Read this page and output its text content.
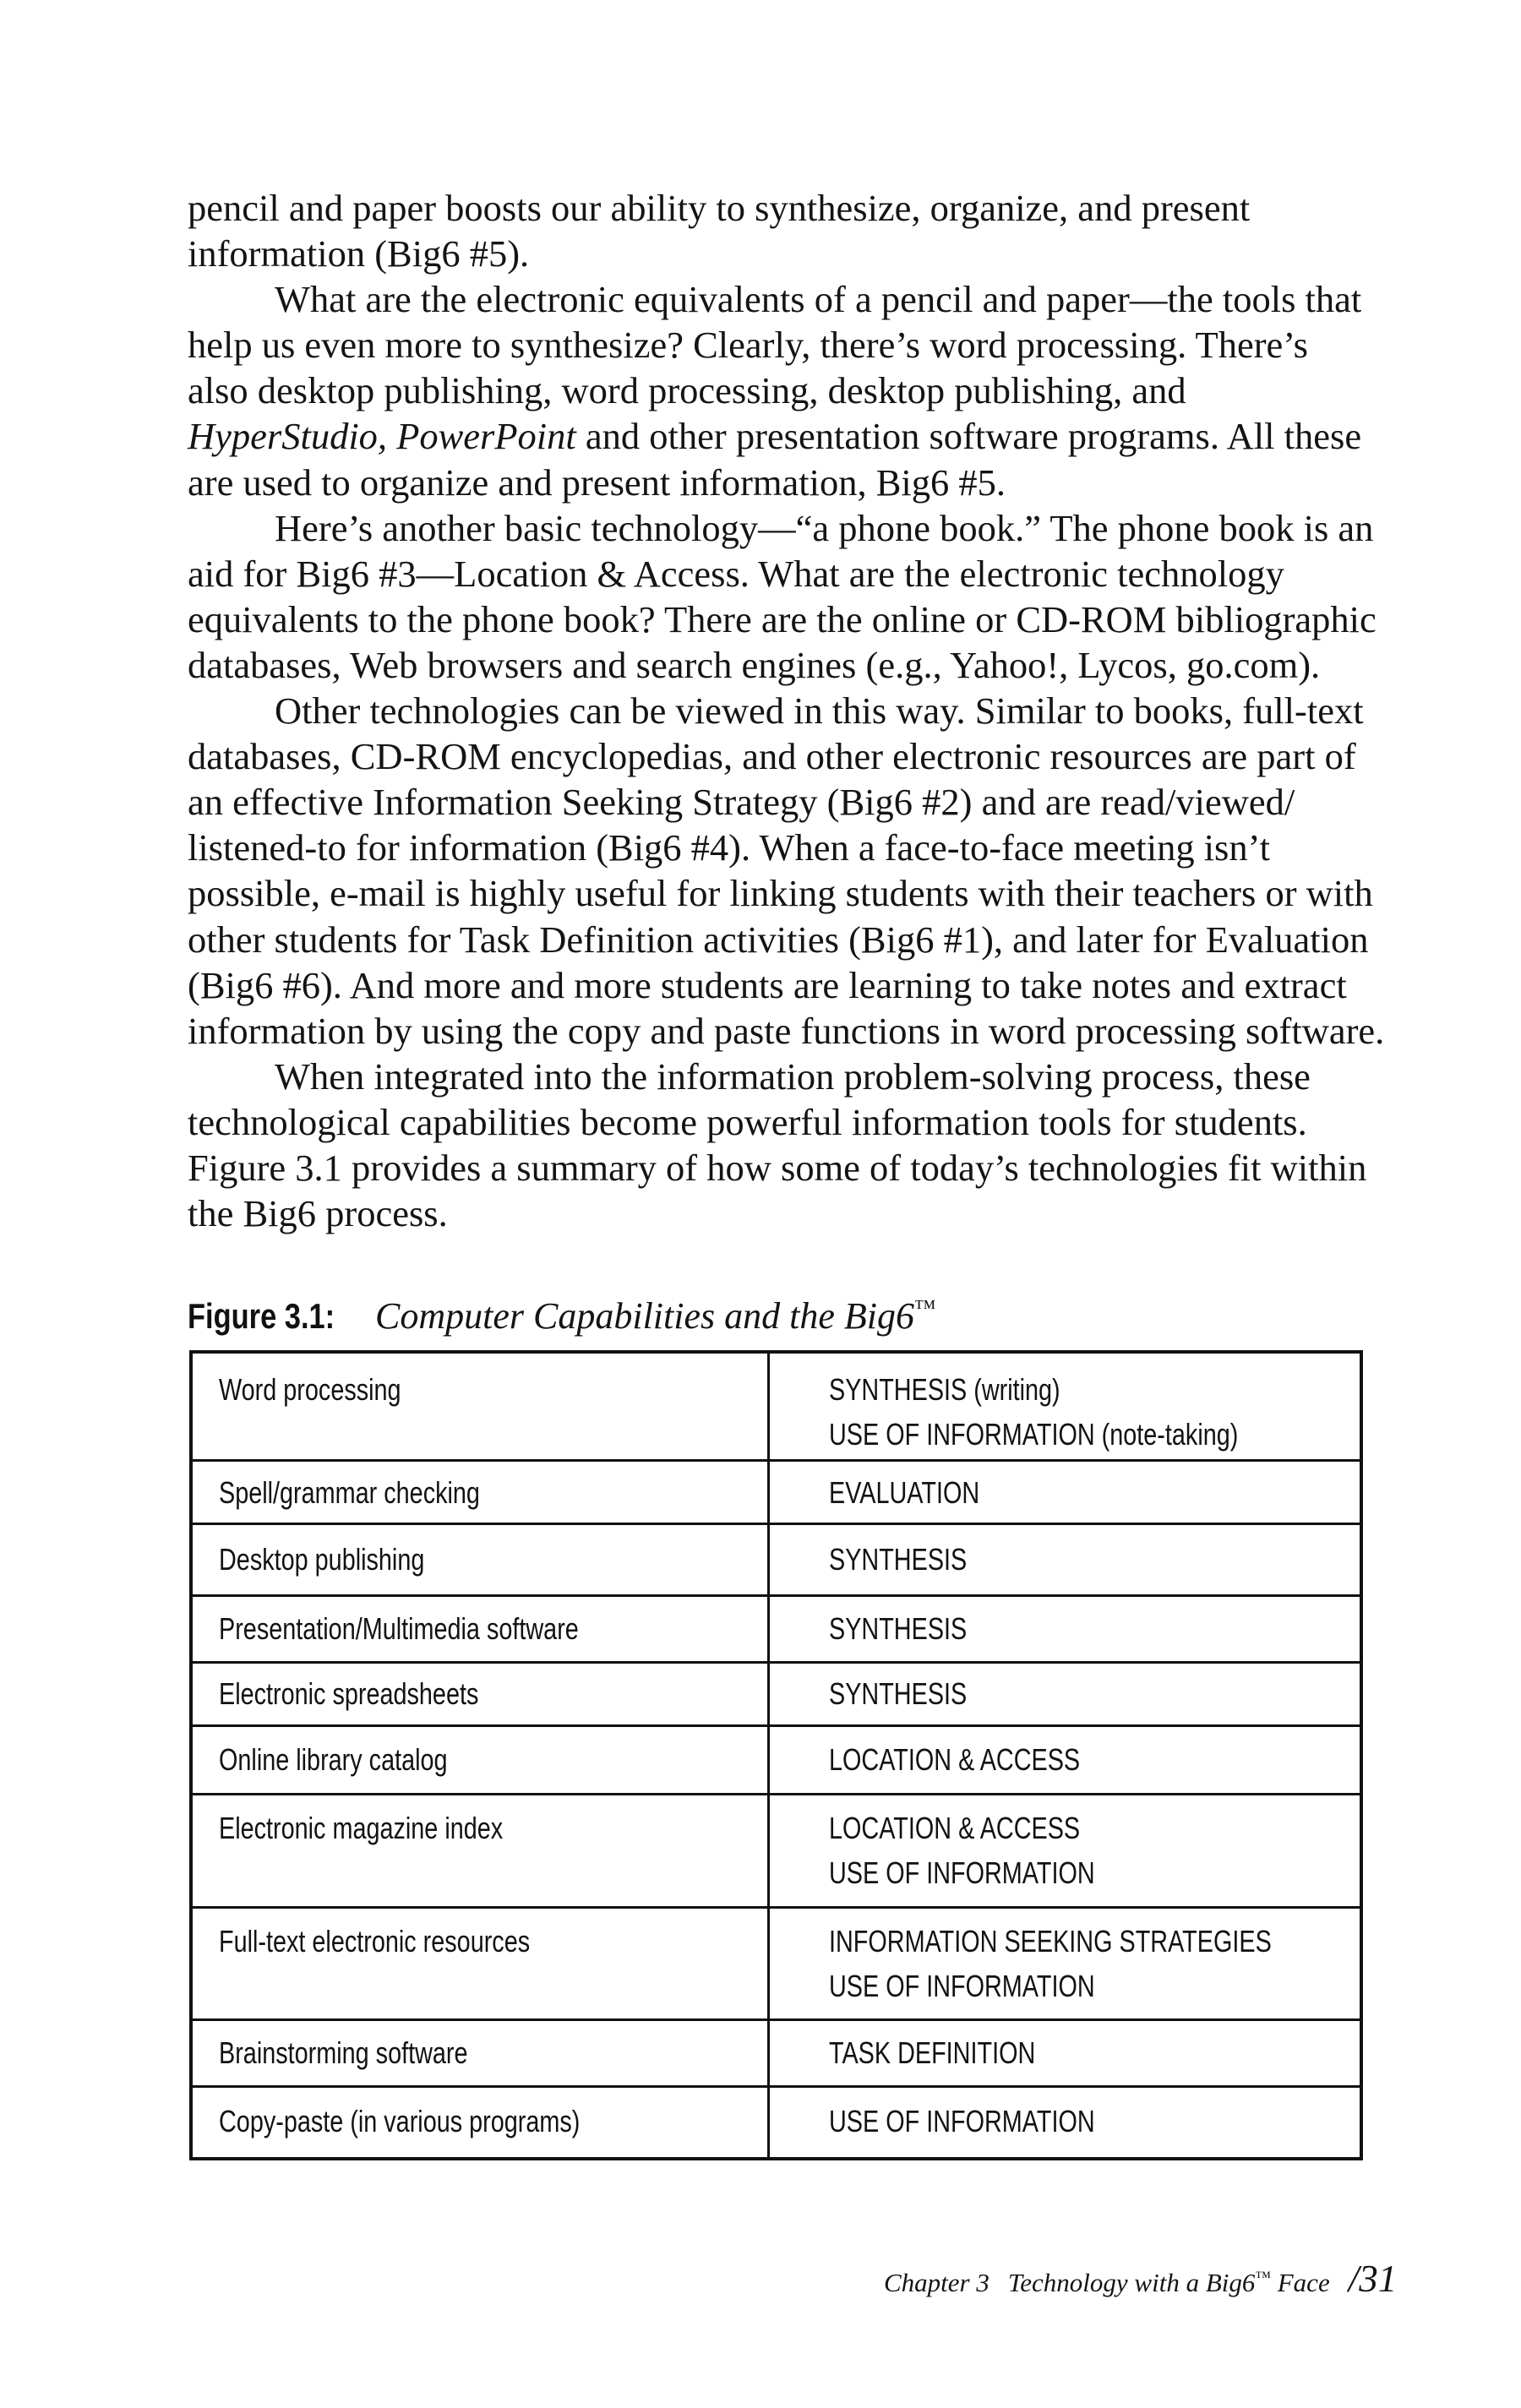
pencil and paper boosts our ability to synthesize, organize, and present
information (Big6 #5).
What are the electronic equivalents of a pencil and paper—the tools that
help us even more to synthesize? Clearly, there’s word processing. There’s
also desktop publishing, word processing, desktop publishing, and
HyperStudio, PowerPoint and other presentation software programs. All these
are used to organize and present information, Big6 #5.
Here’s another basic technology—“a phone book.” The phone book is an
aid for Big6 #3—Location & Access. What are the electronic technology
equivalents to the phone book? There are the online or CD-ROM bibliographic
databases, Web browsers and search engines (e.g., Yahoo!, Lycos, go.com).
Other technologies can be viewed in this way. Similar to books, full-text
databases, CD-ROM encyclopedias, and other electronic resources are part of
an effective Information Seeking Strategy (Big6 #2) and are read/viewed/
listened-to for information (Big6 #4). When a face-to-face meeting isn’t
possible, e-mail is highly useful for linking students with their teachers or with
other students for Task Definition activities (Big6 #1), and later for Evaluation
(Big6 #6). And more and more students are learning to take notes and extract
information by using the copy and paste functions in word processing software.
When integrated into the information problem-solving process, these
technological capabilities become powerful information tools for students.
Figure 3.1 provides a summary of how some of today’s technologies fit within
the Big6 process.
Figure 3.1: Computer Capabilities and the Big6™
Word processing	SYNTHESIS (writing)
USE OF INFORMATION (note-taking)
Spell/grammar checking	EVALUATION
Desktop publishing	SYNTHESIS
Presentation/Multimedia software	SYNTHESIS
Electronic spreadsheets	SYNTHESIS
Online library catalog	LOCATION & ACCESS
Electronic magazine index	LOCATION & ACCESS
USE OF INFORMATION
Full-text electronic resources	INFORMATION SEEKING STRATEGIES
USE OF INFORMATION
Brainstorming software	TASK DEFINITION
Copy-paste (in various programs)	USE OF INFORMATION
Chapter 3 Technology with a Big6™ Face /31
